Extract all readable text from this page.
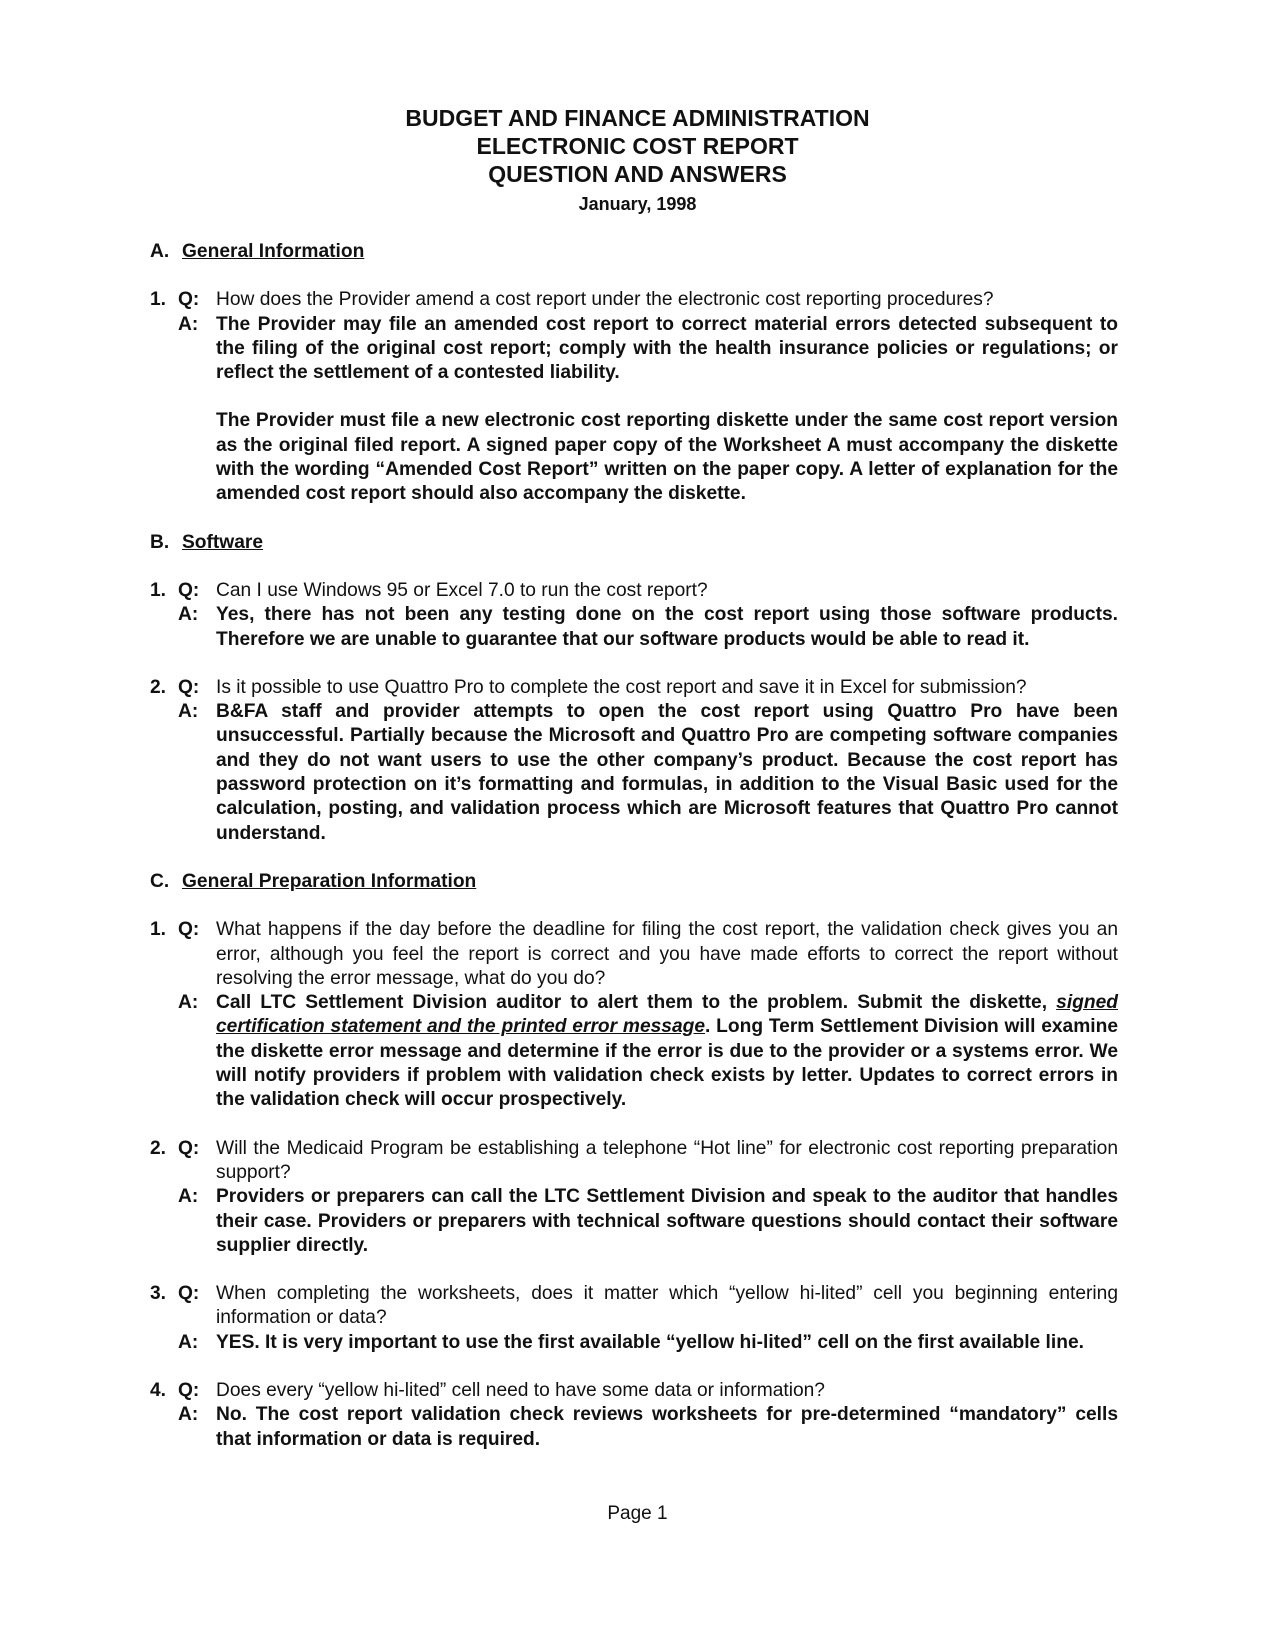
BUDGET AND FINANCE ADMINISTRATION
ELECTRONIC COST REPORT
QUESTION AND ANSWERS
January, 1998
A. General Information
1. Q: How does the Provider amend a cost report under the electronic cost reporting procedures?
A: The Provider may file an amended cost report to correct material errors detected subsequent to the filing of the original cost report; comply with the health insurance policies or regulations; or reflect the settlement of a contested liability.
The Provider must file a new electronic cost reporting diskette under the same cost report version as the original filed report. A signed paper copy of the Worksheet A must accompany the diskette with the wording “Amended Cost Report” written on the paper copy. A letter of explanation for the amended cost report should also accompany the diskette.
B. Software
1. Q: Can I use Windows 95 or Excel 7.0 to run the cost report?
A: Yes, there has not been any testing done on the cost report using those software products. Therefore we are unable to guarantee that our software products would be able to read it.
2. Q: Is it possible to use Quattro Pro to complete the cost report and save it in Excel for submission?
A: B&FA staff and provider attempts to open the cost report using Quattro Pro have been unsuccessful. Partially because the Microsoft and Quattro Pro are competing software companies and they do not want users to use the other company’s product. Because the cost report has password protection on it’s formatting and formulas, in addition to the Visual Basic used for the calculation, posting, and validation process which are Microsoft features that Quattro Pro cannot understand.
C. General Preparation Information
1. Q: What happens if the day before the deadline for filing the cost report, the validation check gives you an error, although you feel the report is correct and you have made efforts to correct the report without resolving the error message, what do you do?
A: Call LTC Settlement Division auditor to alert them to the problem. Submit the diskette, signed certification statement and the printed error message. Long Term Settlement Division will examine the diskette error message and determine if the error is due to the provider or a systems error. We will notify providers if problem with validation check exists by letter. Updates to correct errors in the validation check will occur prospectively.
2. Q: Will the Medicaid Program be establishing a telephone “Hot line” for electronic cost reporting preparation support?
A: Providers or preparers can call the LTC Settlement Division and speak to the auditor that handles their case. Providers or preparers with technical software questions should contact their software supplier directly.
3. Q: When completing the worksheets, does it matter which “yellow hi-lited” cell you beginning entering information or data?
A: YES. It is very important to use the first available “yellow hi-lited” cell on the first available line.
4. Q: Does every “yellow hi-lited” cell need to have some data or information?
A: No. The cost report validation check reviews worksheets for pre-determined “mandatory” cells that information or data is required.
Page 1
